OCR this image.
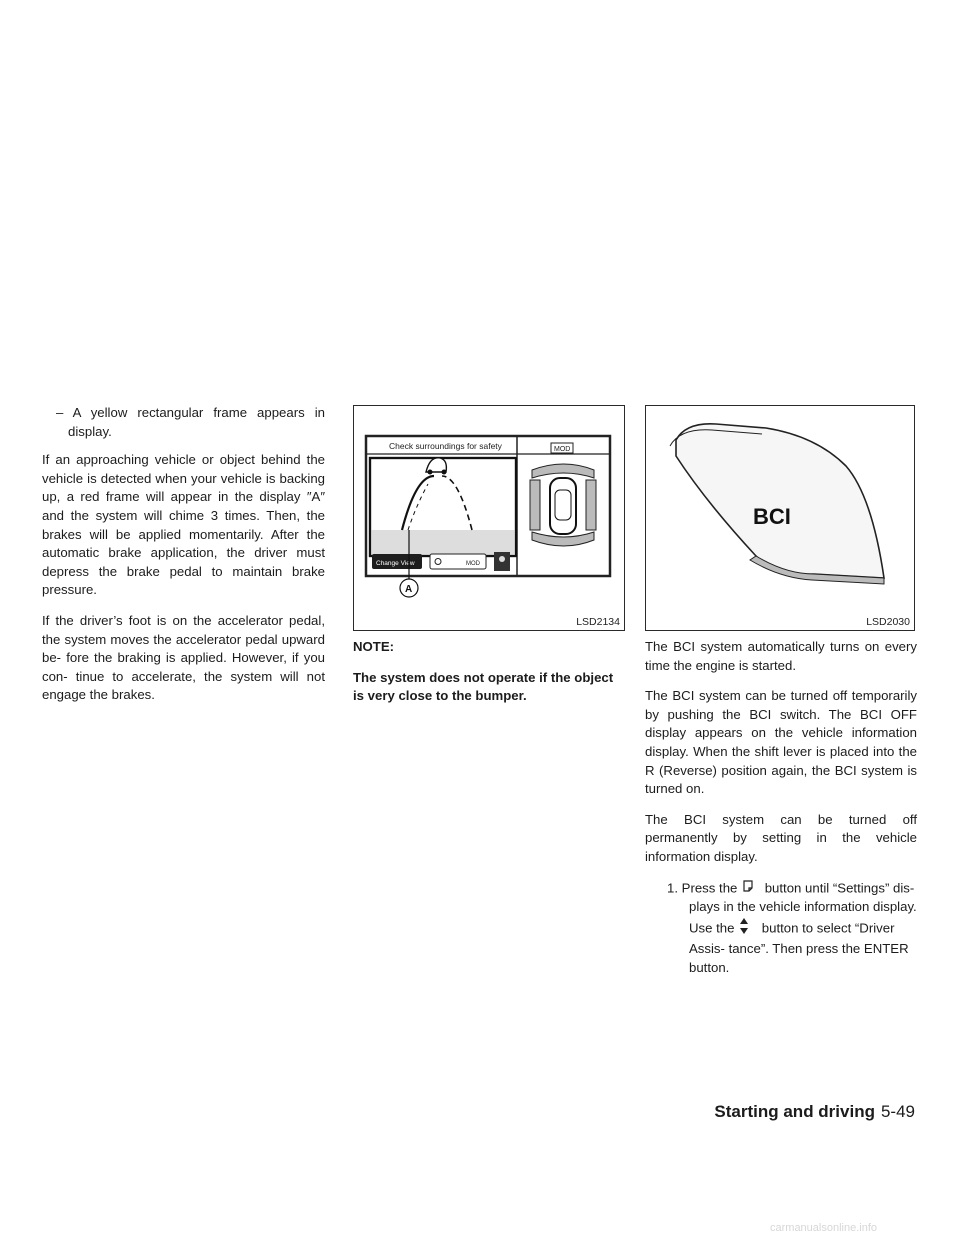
– A yellow rectangular frame appears in display.

If an approaching vehicle or object behind the vehicle is detected when your vehicle is backing up, a red frame will appear in the display ″A″ and the system will chime 3 times. Then, the brakes will be applied momentarily. After the automatic brake application, the driver must depress the brake pedal to maintain brake pressure.

If the driver’s foot is on the accelerator pedal, the system moves the accelerator pedal upward be- fore the braking is applied. However, if you con- tinue to accelerate, the system will not engage the brakes.

Check surroundings for safety
Change View	MOD
MOD
A
LSD2134

NOTE:

The system does not operate if the object is very close to the bumper.

BCI
LSD2030

The BCI system automatically turns on every time the engine is started.

The BCI system can be turned off temporarily by pushing the BCI switch. The BCI OFF display appears on the vehicle information display. When the shift lever is placed into the R (Reverse) position again, the BCI system is turned on.

The BCI system can be turned off permanently by setting in the vehicle information display.

1. Press the button until “Settings” dis- plays in the vehicle information display. Use the button to select “Driver Assis- tance”. Then press the ENTER button.

Starting and driving 5-49
carmanualsonline.info
